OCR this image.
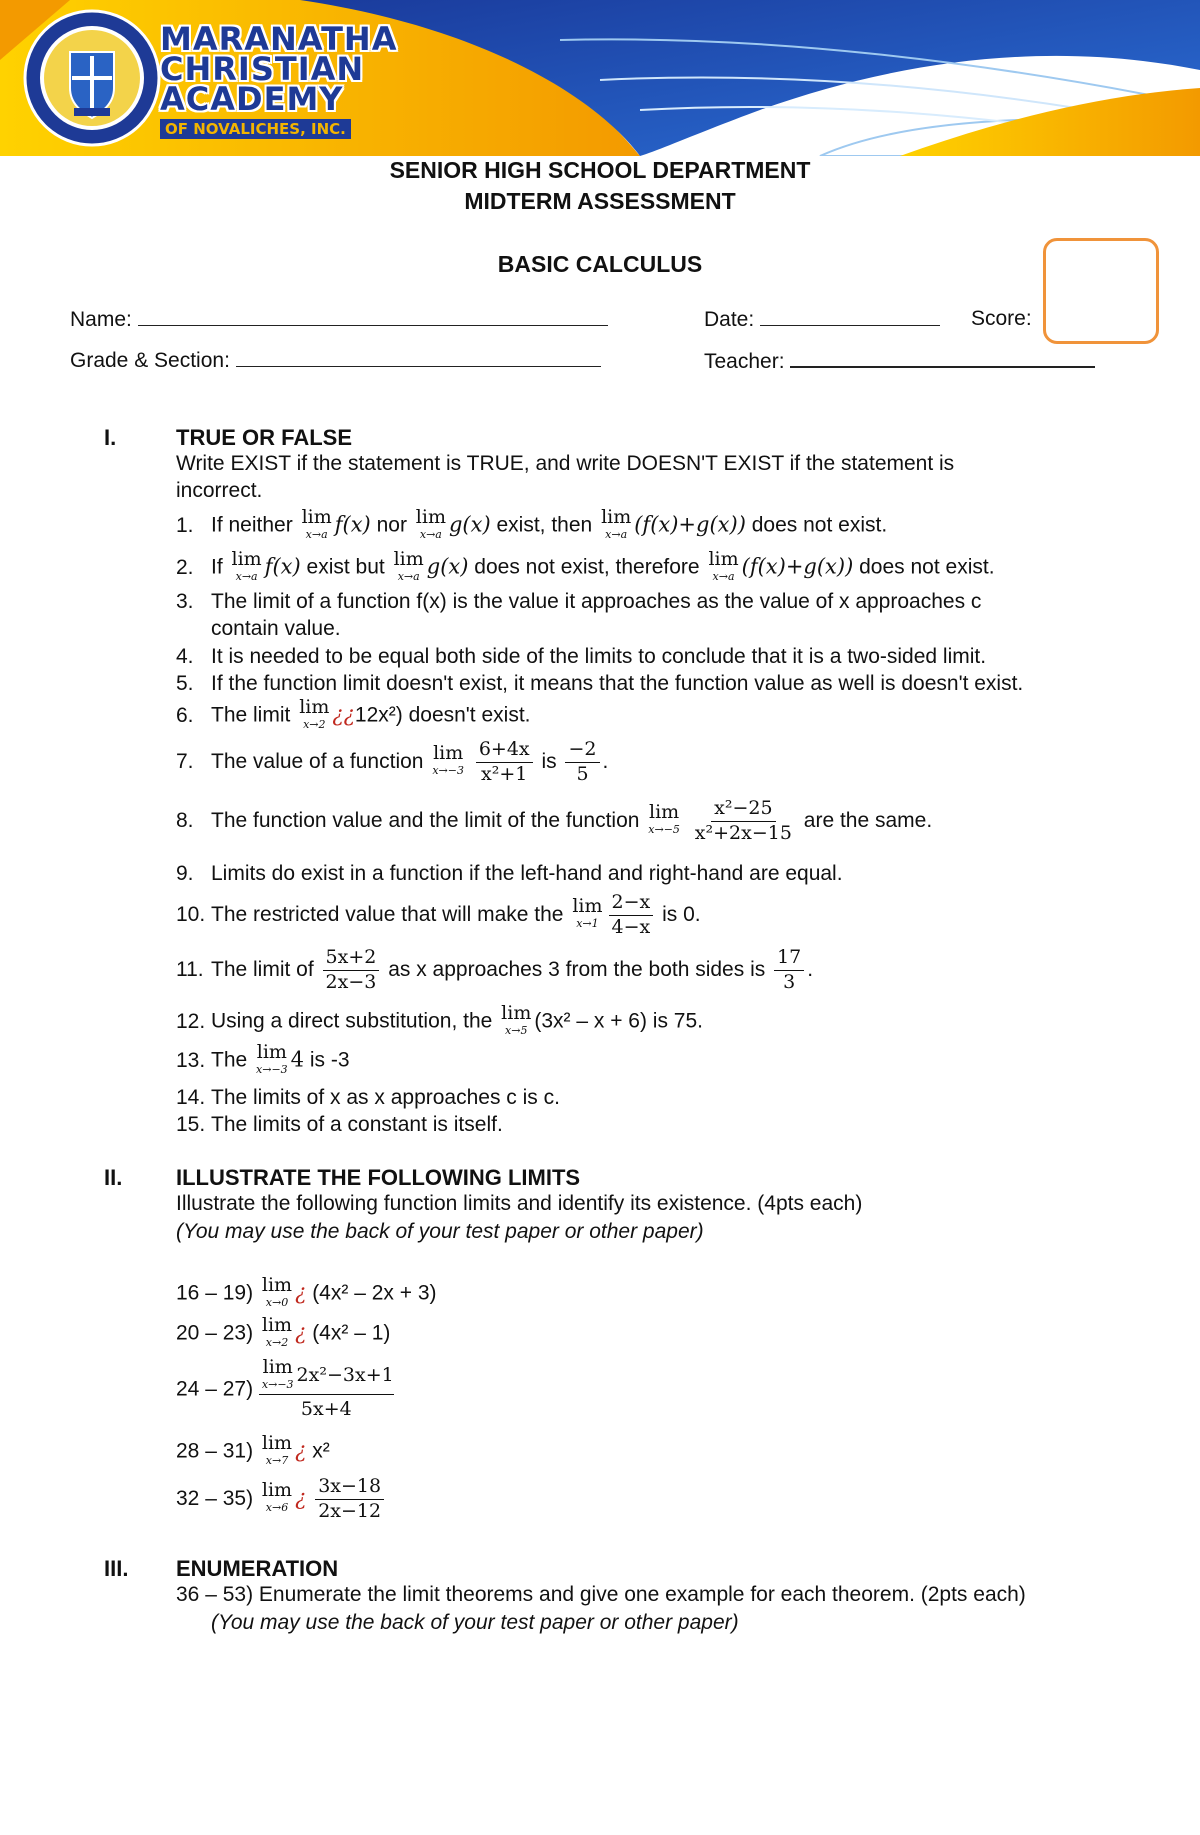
MARANATHA
CHRISTIAN
ACADEMY
OF NOVALICHES, INC.
SENIOR HIGH SCHOOL DEPARTMENT
MIDTERM ASSESSMENT
BASIC CALCULUS
Name:	Date:	Score:
Grade & Section:	Teacher:
I.	TRUE OR FALSE
Write EXIST if the statement is TRUE, and write DOESN'T EXIST if the statement is
incorrect.
1. If neither lim
x→a f(x) nor lim
x→a g(x) exist, then lim
x→a (f(x)+g(x)) does not exist.
2. If lim
x→a f(x) exist but lim
x→a g(x) does not exist, therefore lim
x→a (f(x)+g(x)) does not exist.
3. The limit of a function f(x) is the value it approaches as the value of x approaches c
contain value.
4. It is needed to be equal both side of the limits to conclude that it is a two-sided limit.
5. If the function limit doesn't exist, it means that the function value as well is doesn't exist.
6. The limit lim
x→2 ¿¿12x²) doesn't exist.
7. The value of a function lim
x→−3
$\frac{6+4x}{\text{x²+1}}$ is $\frac{-2}{5}$ .
8. The function value and the limit of the function lim
x→−5
$\frac{\text{x²−25}}{\text{x²+2x−15}}$ are the same.
9. Limits do exist in a function if the left-hand and right-hand are equal.
10. The restricted value that will make the lim
$x\to 1 \frac{2-x}{4-x}$ is 0.
11. The limit of $\frac{5x+2}{2x-3}$ as x approaches 3 from the both sides is $\frac{17}{3}$ .
12. Using a direct substitution, the lim
x→5 (3x² – x + 6) is 75.
13. The lim
x→−3 4 is -3
14. The limits of x as x approaches c is c.
15. The limits of a constant is itself.
II. ILLUSTRATE THE FOLLOWING LIMITS
Illustrate the following function limits and identify its existence. (4pts each)
(You may use the back of your test paper or other paper)
16 – 19) lim
x→0 ¿ (4x² – 2x + 3)
20 – 23) lim
x→2 ¿ (4x² – 1)
24 – 27) lim
x→−3 2x²−3x+1
5x+4
28 – 31) lim
x→7 ¿ x²
32 – 35) lim
x→6 ¿ $\frac{3x-18}{2x-12}$
III. ENUMERATION
36 – 53) Enumerate the limit theorems and give one example for each theorem. (2pts each)
(You may use the back of your test paper or other paper)
